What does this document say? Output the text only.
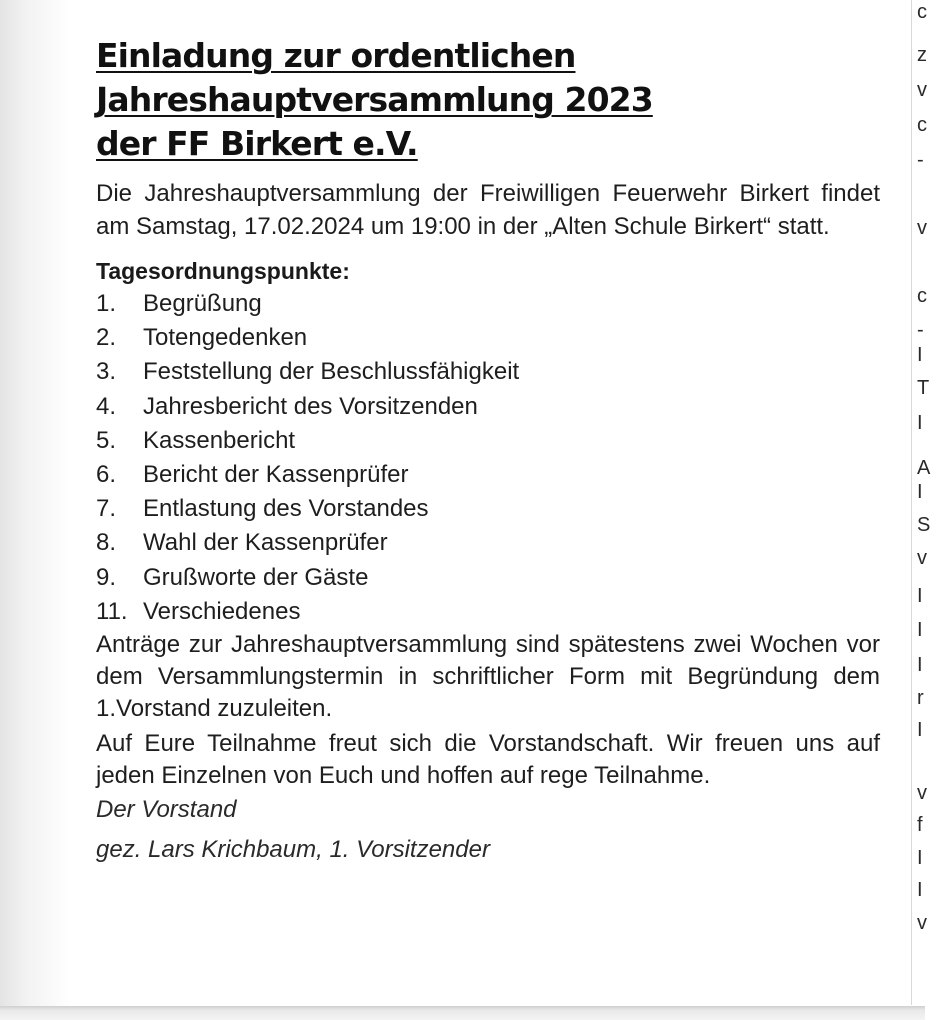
c
z
v
c
-
v
c
-
I
T
I
A
I
S
v
I
I
I
r
I
v
f
I
I
v
Einladung zur ordentlichen
Jahreshauptversammlung 2023
der FF Birkert e.V.

Die Jahreshauptversammlung der Freiwilligen Feuerwehr Birkert findet am Samstag, 17.02.2024 um 19:00 in der „Alten Schule Birkert“ statt.

Tagesordnungspunkte:
1.	Begrüßung
2.	Totengedenken
3.	Feststellung der Beschlussfähigkeit
4.	Jahresbericht des Vorsitzenden
5.	Kassenbericht
6.	Bericht der Kassenprüfer
7.	Entlastung des Vorstandes
8.	Wahl der Kassenprüfer
9.	Grußworte der Gäste
11. Verschiedenes

Anträge zur Jahreshauptversammlung sind spätestens zwei Wochen vor dem Versammlungstermin in schriftlicher Form mit Begründung dem 1.Vorstand zuzuleiten.

Auf Eure Teilnahme freut sich die Vorstandschaft. Wir freuen uns auf jeden Einzelnen von Euch und hoffen auf rege Teilnahme.

Der Vorstand

gez. Lars Krichbaum, 1. Vorsitzender
